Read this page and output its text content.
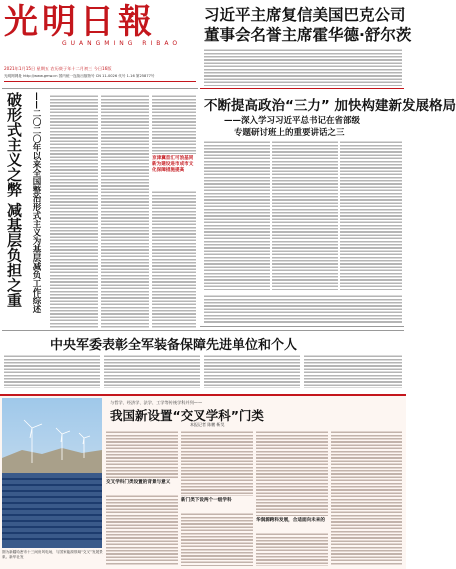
光明日報
GUANGMING RIBAO
2021年1月15日 星期五 农历庚子年十二月初三 今日16版
光明网网址 http://www.gmw.cn 国内统一连续出版物号 CN 11-0026 代号 1-16 第25877号
习近平主席复信美国巴克公司
董事会名誉主席霍华德·舒尔茨
破形式主义之弊 减基层负担之重 ——二〇二〇年以来全国整治形式主义为基层减负工作综述	京津冀首汇可浪基同新为建设进市成市文化保障措施提高
不断提高政治“三力” 加快构建新发展格局
——深入学习习近平总书记在省部级
专题研讨班上的重要讲话之三
中央军委表彰全军装备保障先进单位和个人
与哲学、经济学、法学、工学等传统学科并列——
我国新设置“交叉学科”门类
本报记者 陈鹏 靳昊
图为新疆哈密市十三间房风电场，与国家能源领域“交叉”发展景象。新华社发
交叉学科门类设置的背景与意义
新门类下设两个一级学科
华润源跨科发展，合适面向未来的
